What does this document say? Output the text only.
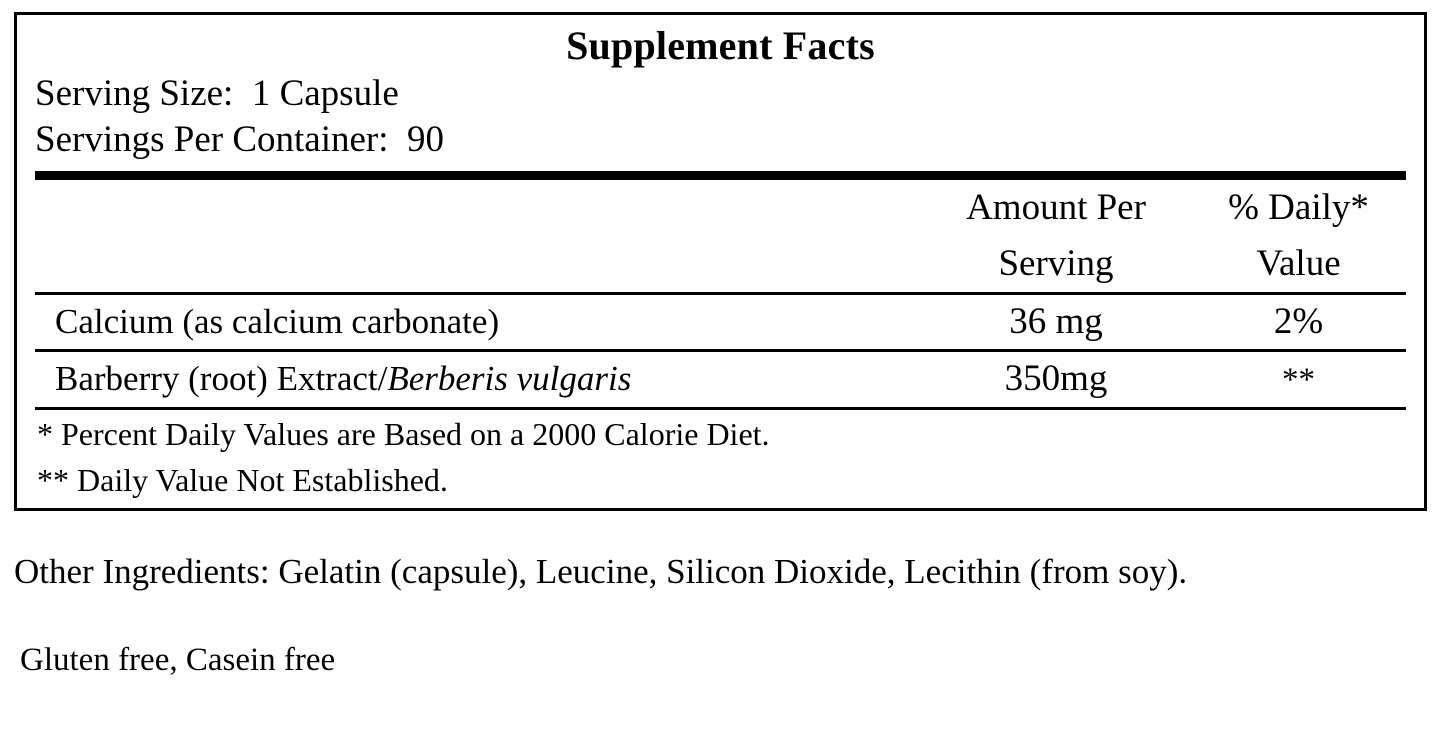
Supplement Facts
Serving Size:  1 Capsule
Servings Per Container:  90
Amount Per
Serving
% Daily*
Value
Calcium (as calcium carbonate)	36 mg	2%
Barberry (root) Extract/Berberis vulgaris	350mg	**
* Percent Daily Values are Based on a 2000 Calorie Diet.
** Daily Value Not Established.
Other Ingredients: Gelatin (capsule), Leucine, Silicon Dioxide, Lecithin (from soy).
Gluten free, Casein free
